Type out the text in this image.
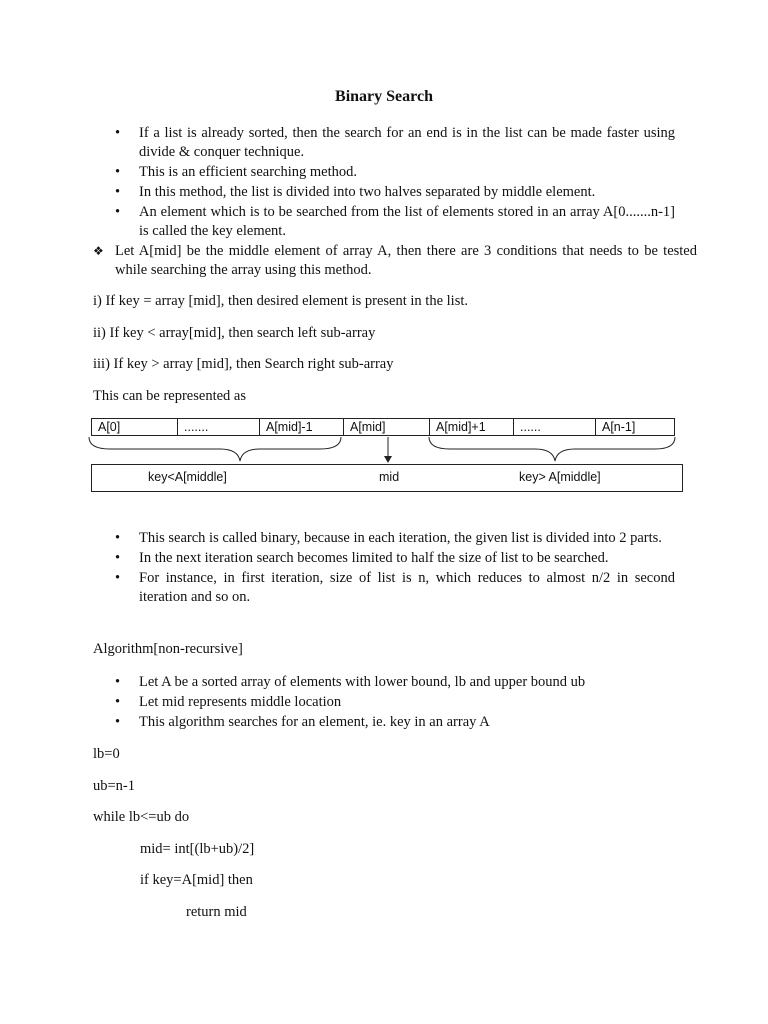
Binary Search
• If a list is already sorted, then the search for an end is in the list can be made faster using divide & conquer technique.
• This is an efficient searching method.
• In this method, the list is divided into two halves separated by middle element.
• An element which is to be searched from the list of elements stored in an array A[0.......n-1] is called the key element.
❖ Let A[mid] be the middle element of array A, then there are 3 conditions that needs to be tested while searching the array using this method.
i) If key = array [mid], then desired element is present in the list.
ii) If key < array[mid], then search left sub-array
iii) If key > array [mid], then Search right sub-array
This can be represented as
A[0]	.......	A[mid]-1	A[mid]	A[mid]+1	......	A[n-1]
key<A[middle]	mid	key> A[middle]
• This search is called binary, because in each iteration, the given list is divided into 2 parts.
• In the next iteration search becomes limited to half the size of list to be searched.
• For instance, in first iteration, size of list is n, which reduces to almost n/2 in second iteration and so on.
Algorithm[non-recursive]
• Let A be a sorted array of elements with lower bound, lb and upper bound ub
• Let mid represents middle location
• This algorithm searches for an element, ie. key in an array A
lb=0
ub=n-1
while lb<=ub do
mid= int[(lb+ub)/2]
if key=A[mid] then
return mid
